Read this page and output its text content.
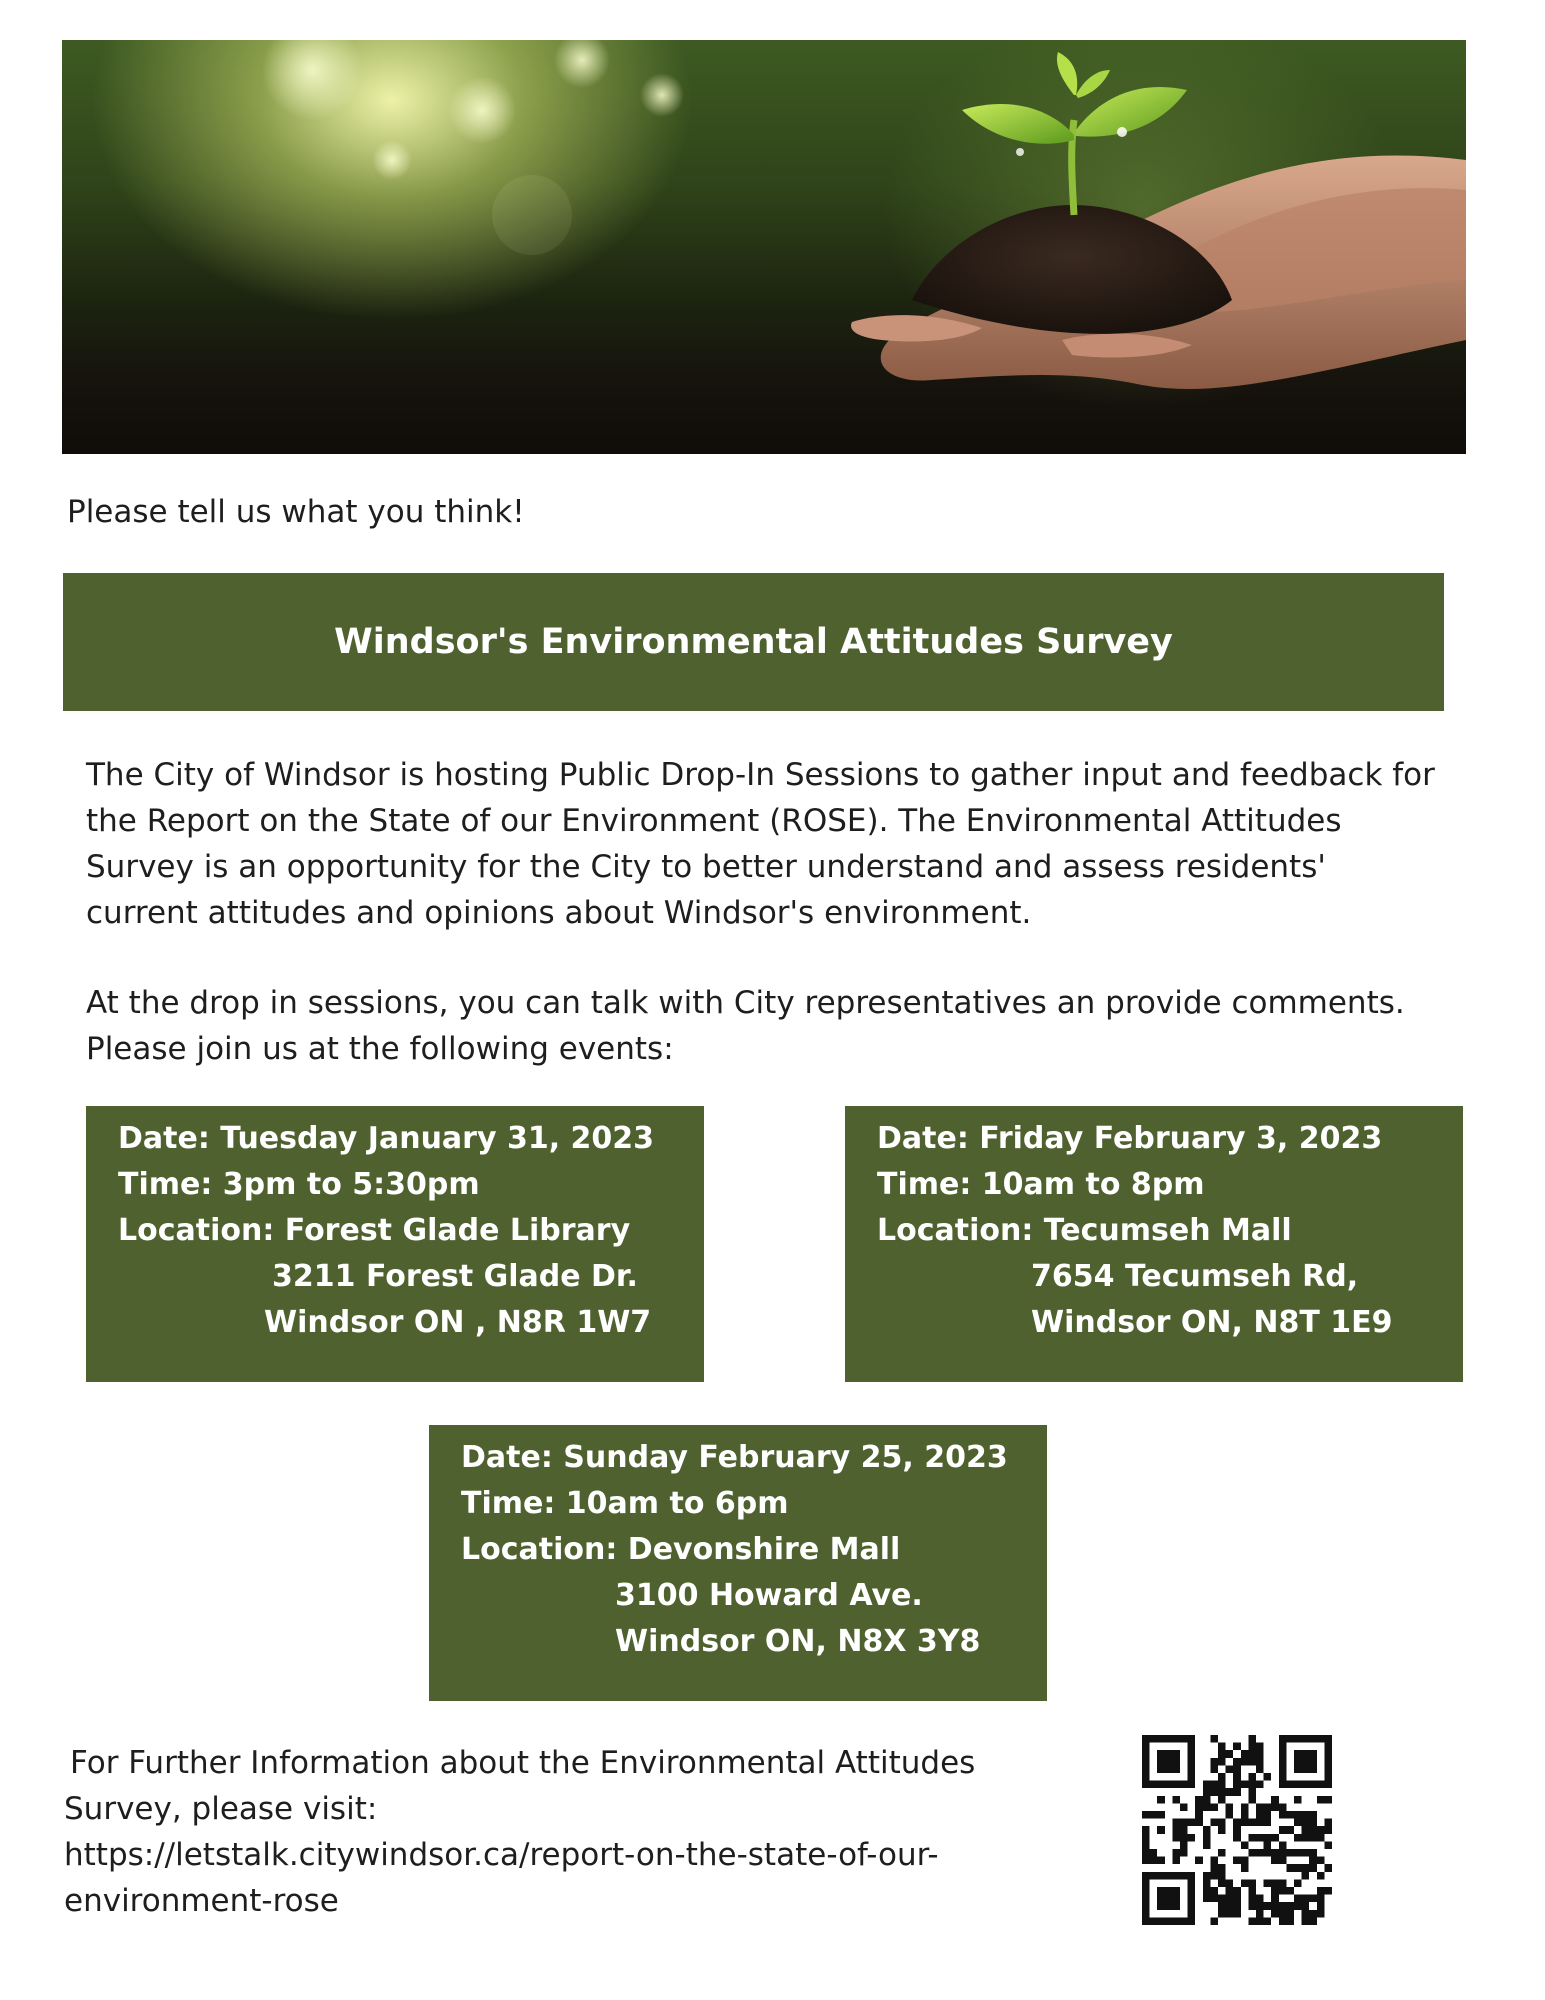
Please tell us what you think!
Windsor's Environmental Attitudes Survey
The City of Windsor is hosting Public Drop-In Sessions to gather input and feedback for
the Report on the State of our Environment (ROSE). The Environmental Attitudes
Survey is an opportunity for the City to better understand and assess residents'
current attitudes and opinions about Windsor's environment.
At the drop in sessions, you can talk with City representatives an provide comments.
Please join us at the following events:
Date: Tuesday January 31, 2023
Time: 3pm to 5:30pm
Location: Forest Glade Library
3211 Forest Glade Dr.
Windsor ON , N8R 1W7
Date: Friday February 3, 2023
Time: 10am to 8pm
Location: Tecumseh Mall
7654 Tecumseh Rd,
Windsor ON, N8T 1E9
Date: Sunday February 25, 2023
Time: 10am to 6pm
Location: Devonshire Mall
3100 Howard Ave.
Windsor ON, N8X 3Y8
For Further Information about the Environmental Attitudes
Survey, please visit:
https://letstalk.citywindsor.ca/report-on-the-state-of-our-
environment-rose
